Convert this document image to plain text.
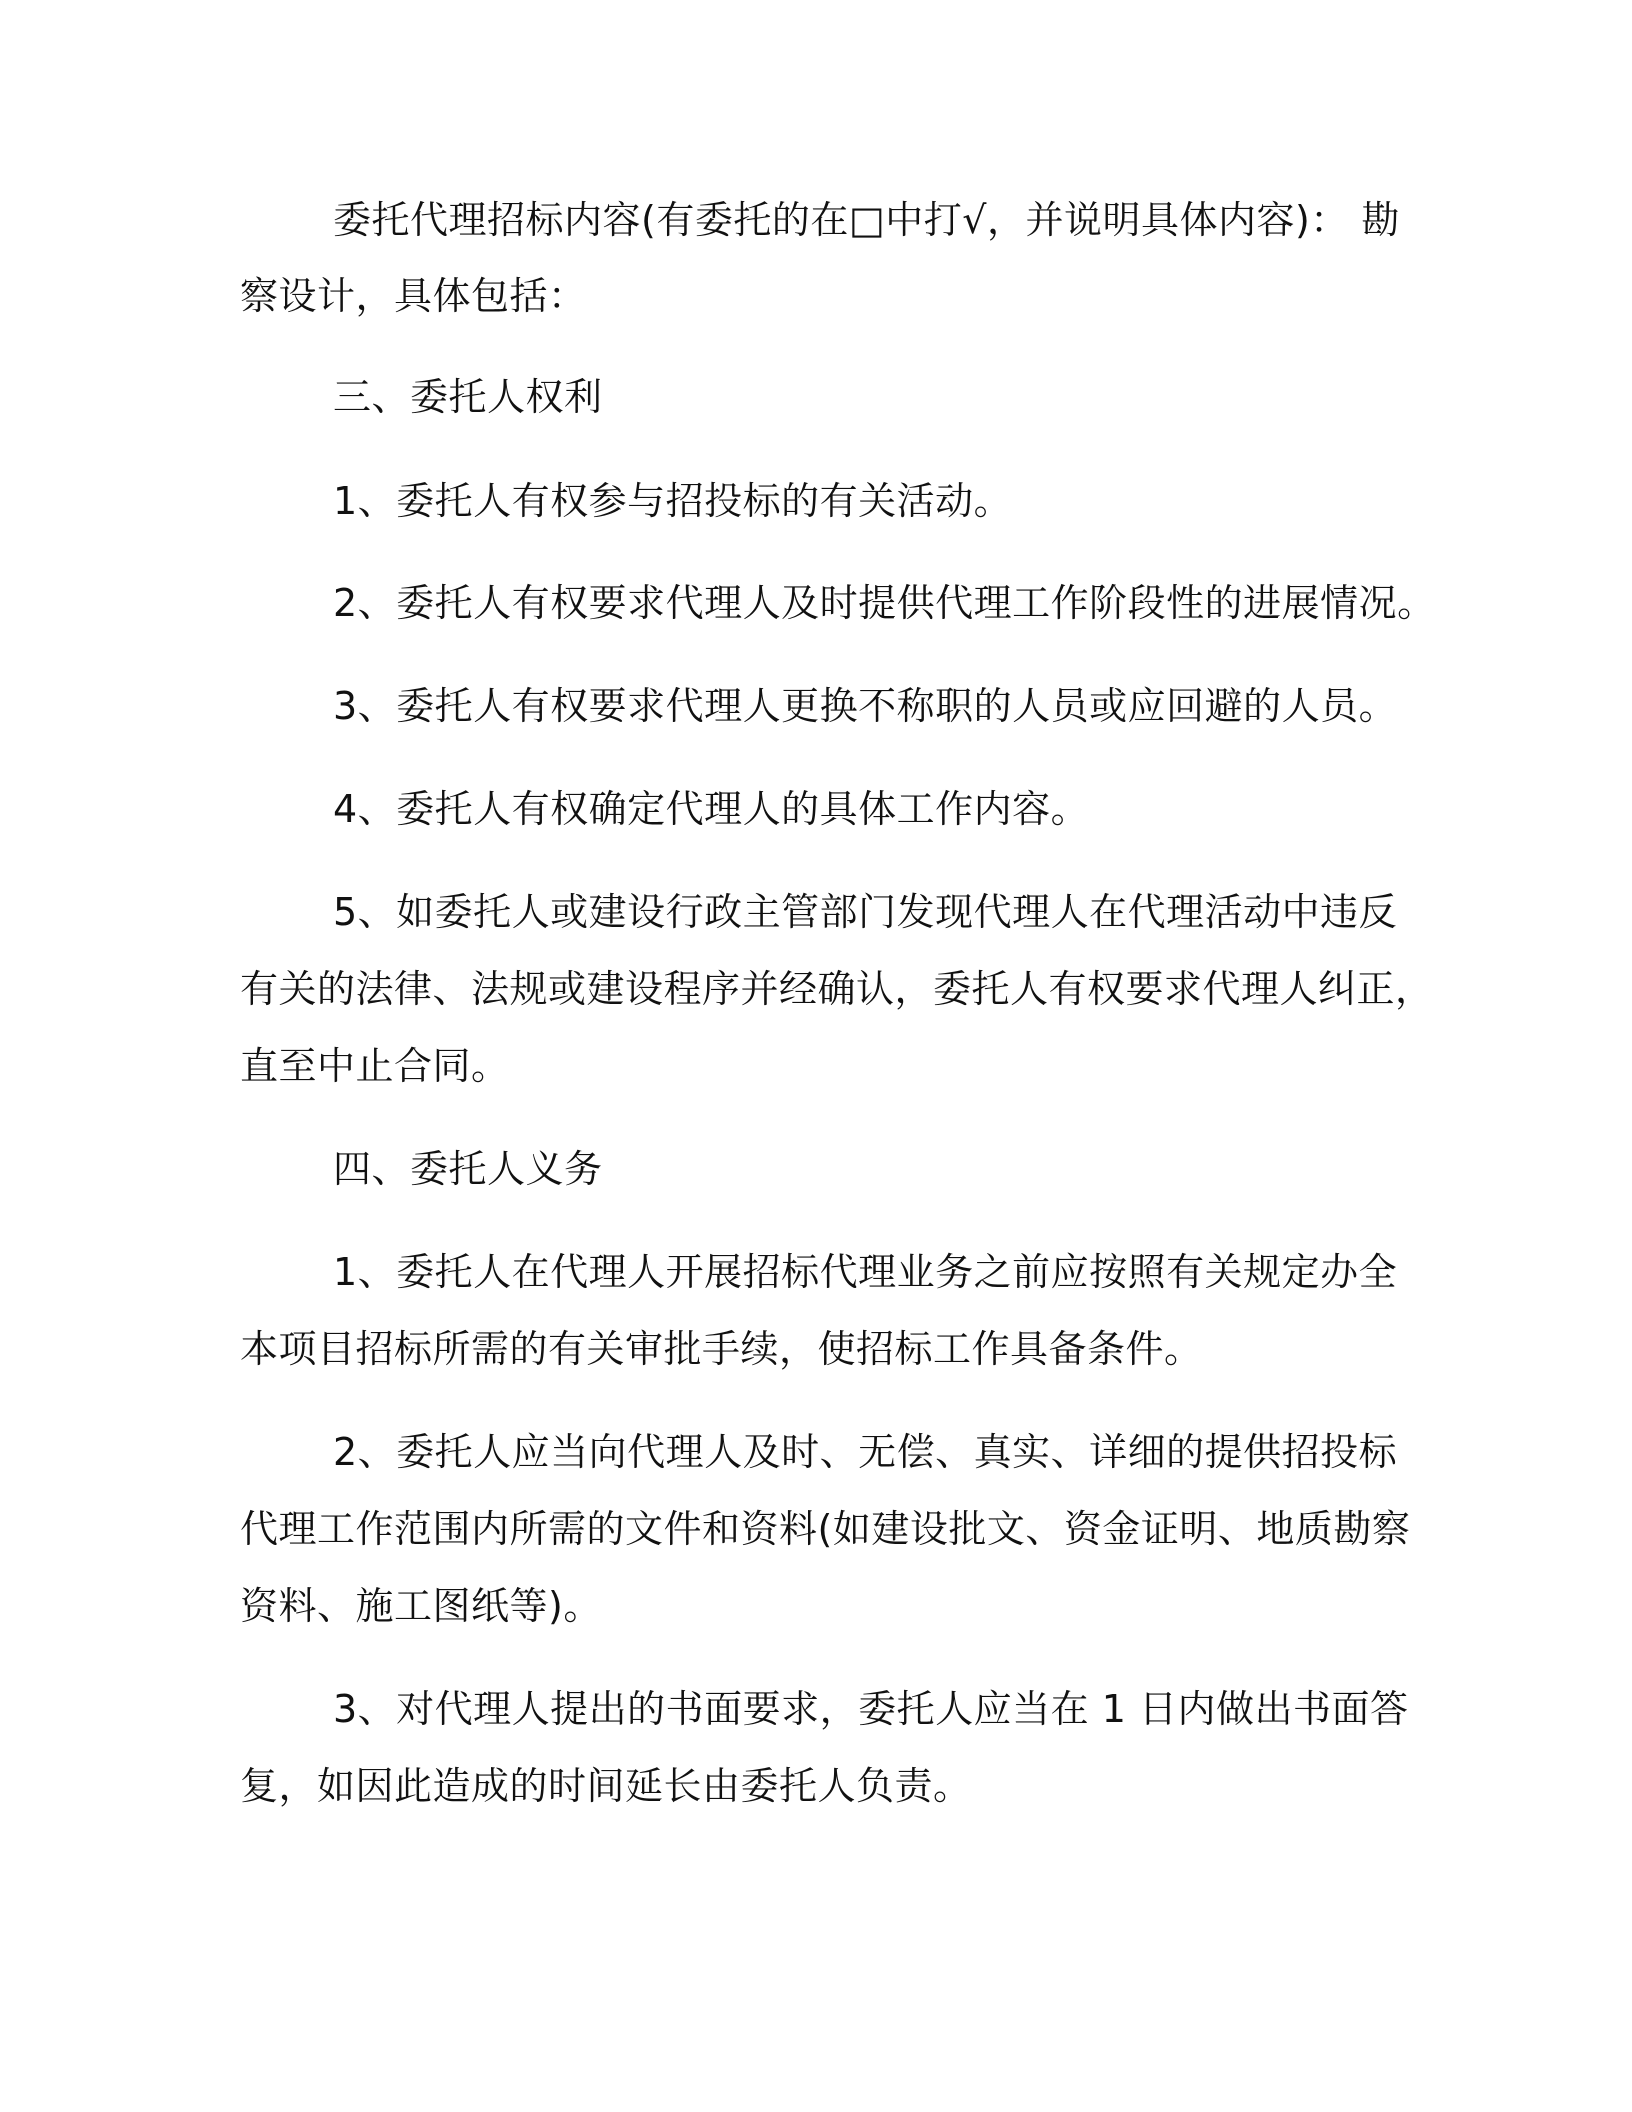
委托代理招标内容(有委托的在□中打√，并说明具体内容)： 勘
察设计，具体包括：
三、委托人权利
1、委托人有权参与招投标的有关活动。
2、委托人有权要求代理人及时提供代理工作阶段性的进展情况。
3、委托人有权要求代理人更换不称职的人员或应回避的人员。
4、委托人有权确定代理人的具体工作内容。
5、如委托人或建设行政主管部门发现代理人在代理活动中违反
有关的法律、法规或建设程序并经确认，委托人有权要求代理人纠正，
直至中止合同。
四、委托人义务
1、委托人在代理人开展招标代理业务之前应按照有关规定办全
本项目招标所需的有关审批手续，使招标工作具备条件。
2、委托人应当向代理人及时、无偿、真实、详细的提供招投标
代理工作范围内所需的文件和资料(如建设批文、资金证明、地质勘察
资料、施工图纸等)。
3、对代理人提出的书面要求，委托人应当在 1 日内做出书面答
复，如因此造成的时间延长由委托人负责。
